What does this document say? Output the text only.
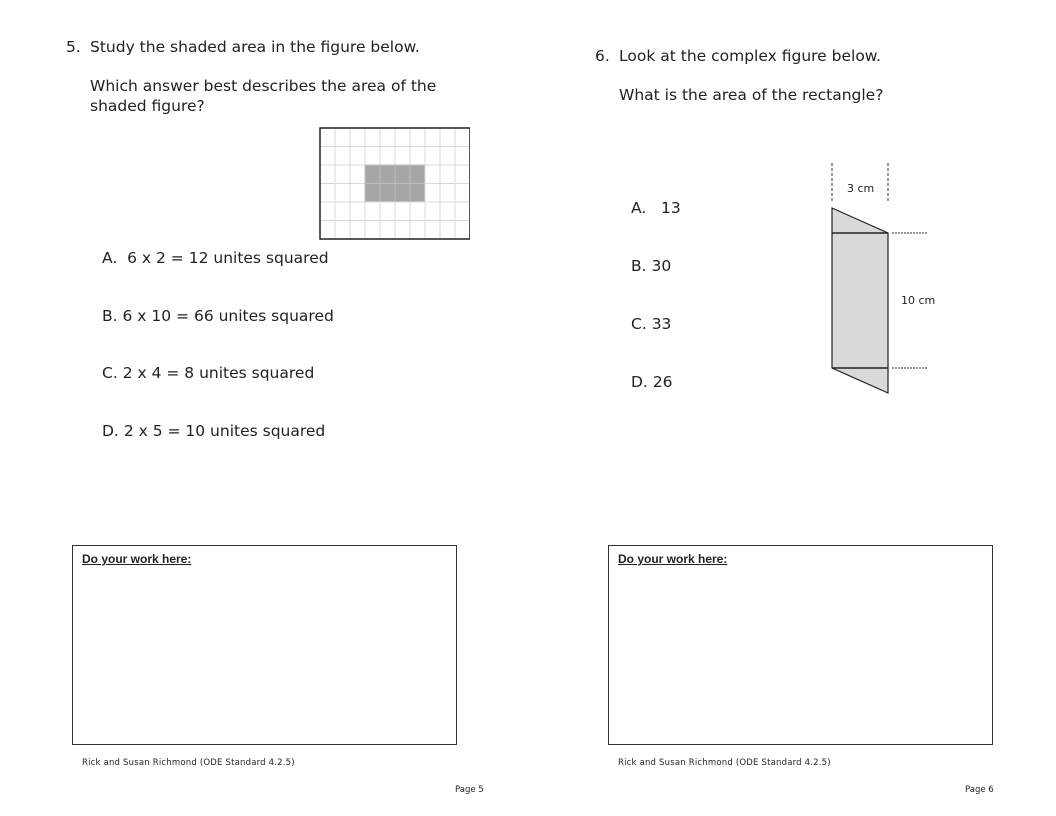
5. Study the shaded area in the figure below.
Which answer best describes the area of the
shaded figure?
A. 6 x 2 = 12 unites squared
B. 6 x 10 = 66 unites squared
C. 2 x 4 = 8 unites squared
D. 2 x 5 = 10 unites squared
Do your work here:
Rick and Susan Richmond (ODE Standard 4.2.5)
Page 5
6. Look at the complex figure below.
What is the area of the rectangle?
A. 13
B. 30
C. 33
D. 26
3 cm
10 cm
Do your work here:
Rick and Susan Richmond (ODE Standard 4.2.5)
Page 6
